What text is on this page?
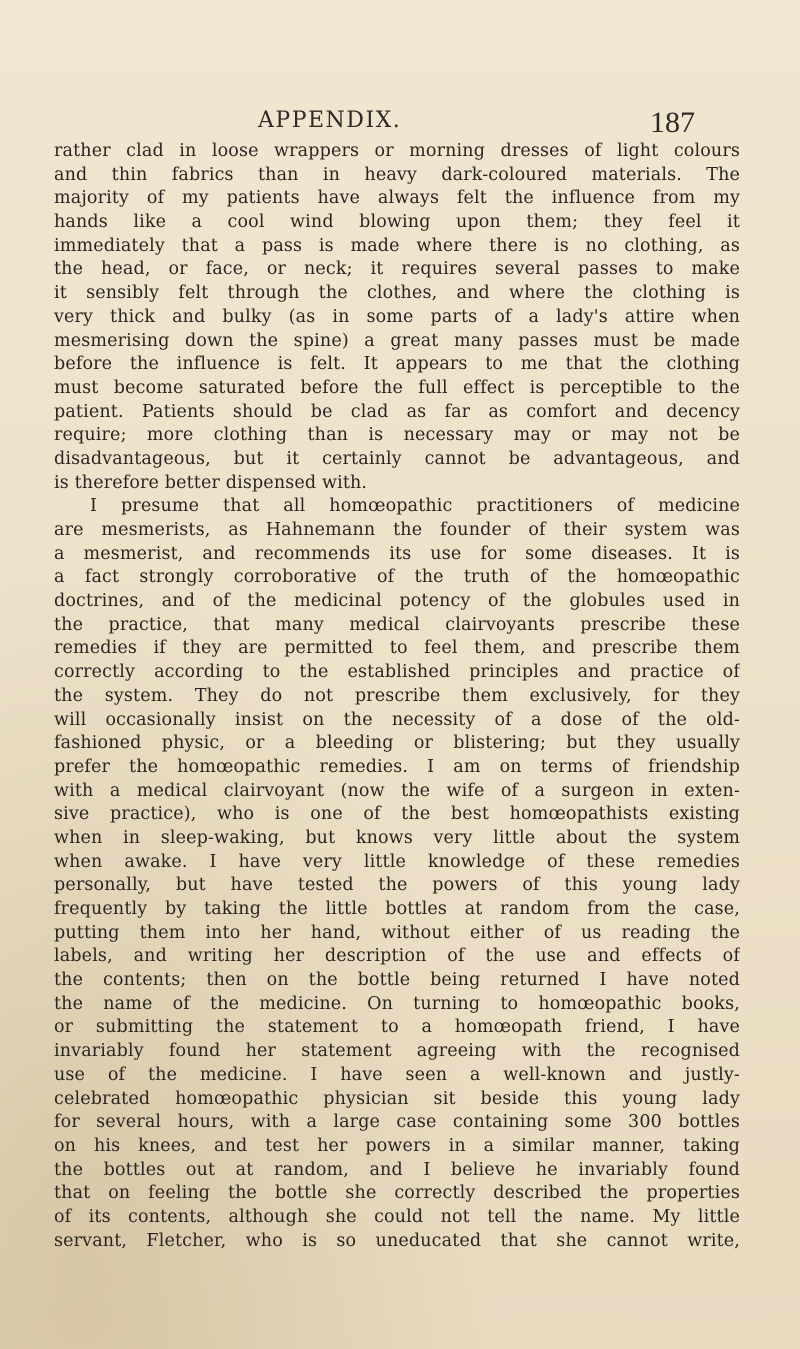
APPENDIX.	187
rather clad in loose wrappers or morning dresses of light colours
and thin fabrics than in heavy dark-coloured materials. The
majority of my patients have always felt the influence from my
hands like a cool wind blowing upon them; they feel it
immediately that a pass is made where there is no clothing, as
the head, or face, or neck; it requires several passes to make
it sensibly felt through the clothes, and where the clothing is
very thick and bulky (as in some parts of a lady's attire when
mesmerising down the spine) a great many passes must be made
before the influence is felt. It appears to me that the clothing
must become saturated before the full effect is perceptible to the
patient. Patients should be clad as far as comfort and decency
require; more clothing than is necessary may or may not be
disadvantageous, but it certainly cannot be advantageous, and
is therefore better dispensed with.
I presume that all homœopathic practitioners of medicine
are mesmerists, as Hahnemann the founder of their system was
a mesmerist, and recommends its use for some diseases. It is
a fact strongly corroborative of the truth of the homœopathic
doctrines, and of the medicinal potency of the globules used in
the practice, that many medical clairvoyants prescribe these
remedies if they are permitted to feel them, and prescribe them
correctly according to the established principles and practice of
the system. They do not prescribe them exclusively, for they
will occasionally insist on the necessity of a dose of the old-
fashioned physic, or a bleeding or blistering; but they usually
prefer the homœopathic remedies. I am on terms of friendship
with a medical clairvoyant (now the wife of a surgeon in exten-
sive practice), who is one of the best homœopathists existing
when in sleep-waking, but knows very little about the system
when awake. I have very little knowledge of these remedies
personally, but have tested the powers of this young lady
frequently by taking the little bottles at random from the case,
putting them into her hand, without either of us reading the
labels, and writing her description of the use and effects of
the contents; then on the bottle being returned I have noted
the name of the medicine. On turning to homœopathic books,
or submitting the statement to a homœopath friend, I have
invariably found her statement agreeing with the recognised
use of the medicine. I have seen a well-known and justly-
celebrated homœopathic physician sit beside this young lady
for several hours, with a large case containing some 300 bottles
on his knees, and test her powers in a similar manner, taking
the bottles out at random, and I believe he invariably found
that on feeling the bottle she correctly described the properties
of its contents, although she could not tell the name. My little
servant, Fletcher, who is so uneducated that she cannot write,
